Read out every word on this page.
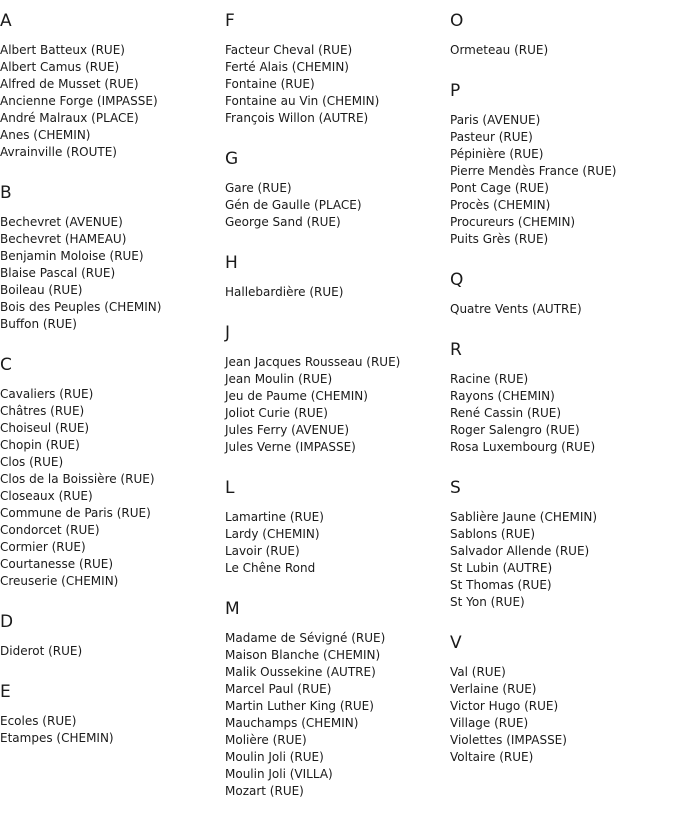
A
Albert Batteux (RUE)
Albert Camus (RUE)
Alfred de Musset (RUE)
Ancienne Forge (IMPASSE)
André Malraux (PLACE)
Anes (CHEMIN)
Avrainville (ROUTE)
B
Bechevret (AVENUE)
Bechevret (HAMEAU)
Benjamin Moloise (RUE)
Blaise Pascal (RUE)
Boileau (RUE)
Bois des Peuples (CHEMIN)
Buffon (RUE)
C
Cavaliers (RUE)
Châtres (RUE)
Choiseul (RUE)
Chopin (RUE)
Clos (RUE)
Clos de la Boissière (RUE)
Closeaux (RUE)
Commune de Paris (RUE)
Condorcet (RUE)
Cormier (RUE)
Courtanesse (RUE)
Creuserie (CHEMIN)
D
Diderot (RUE)
E
Ecoles (RUE)
Etampes (CHEMIN)
F
Facteur Cheval (RUE)
Ferté Alais (CHEMIN)
Fontaine (RUE)
Fontaine au Vin (CHEMIN)
François Willon (AUTRE)
G
Gare (RUE)
Gén de Gaulle (PLACE)
George Sand (RUE)
H
Hallebardière (RUE)
J
Jean Jacques Rousseau (RUE)
Jean Moulin (RUE)
Jeu de Paume (CHEMIN)
Joliot Curie (RUE)
Jules Ferry (AVENUE)
Jules Verne (IMPASSE)
L
Lamartine (RUE)
Lardy (CHEMIN)
Lavoir (RUE)
Le Chêne Rond
M
Madame de Sévigné (RUE)
Maison Blanche (CHEMIN)
Malik Oussekine (AUTRE)
Marcel Paul (RUE)
Martin Luther King (RUE)
Mauchamps (CHEMIN)
Molière (RUE)
Moulin Joli (RUE)
Moulin Joli (VILLA)
Mozart (RUE)
O
Ormeteau (RUE)
P
Paris (AVENUE)
Pasteur (RUE)
Pépinière (RUE)
Pierre Mendès France (RUE)
Pont Cage (RUE)
Procès (CHEMIN)
Procureurs (CHEMIN)
Puits Grès (RUE)
Q
Quatre Vents (AUTRE)
R
Racine (RUE)
Rayons (CHEMIN)
René Cassin (RUE)
Roger Salengro (RUE)
Rosa Luxembourg (RUE)
S
Sablière Jaune (CHEMIN)
Sablons (RUE)
Salvador Allende (RUE)
St Lubin (AUTRE)
St Thomas (RUE)
St Yon (RUE)
V
Val (RUE)
Verlaine (RUE)
Victor Hugo (RUE)
Village (RUE)
Violettes (IMPASSE)
Voltaire (RUE)
